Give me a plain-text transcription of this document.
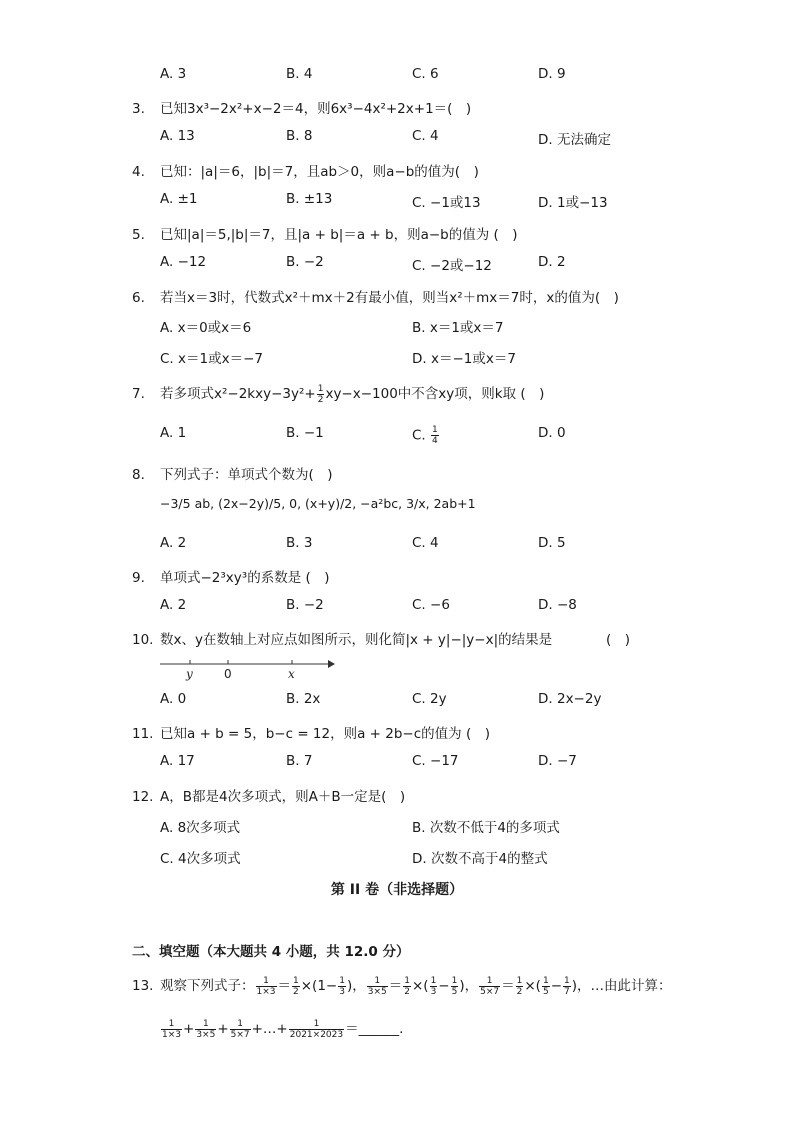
A. 3	B. 4	C. 6	D. 9
3. 已知3x³−2x²+x−2＝4，则6x³−4x²+2x+1＝(　)
A. 13	B. 8	C. 4	D. 无法确定
4. 已知：|a|＝6，|b|＝7，且ab＞0，则a−b的值为(　)
A. ±1	B. ±13	C. −1或13	D. 1或−13
5. 已知|a|＝5,|b|＝7，且|a + b|＝a + b，则a−b的值为 (　)
A. −12	B. −2	C. −2或−12	D. 2
6. 若当x＝3时，代数式x²＋mx＋2有最小值，则当x²＋mx＝7时，x的值为(　)
A. x＝0或x＝6	B. x＝1或x＝7
C. x＝1或x＝−7	D. x＝−1或x＝7
7. 若多项式$x^2-2kxy-3y^2+ \frac{1}{2} xy-x-100$中不含xy项，则k取 (　)
A. 1	B. −1	C. $\frac{1}{4}$	D. 0
8. 下列式子：单项式个数为(　)
−3/5 ab, (2x−2y)/5, 0, (x+y)/2, −a²bc, 3/x, 2ab+1
A. 2	B. 3	C. 4	D. 5
9. 单项式−2³xy³的系数是 (　)
A. 2	B. −2	C. −6	D. −8
10. 数x、y在数轴上对应点如图所示，则化简|x + y|−|y−x|的结果是	(　)
y	0	x
A. 0	B. 2x	C. 2y	D. 2x−2y
11. 已知a + b = 5，b−c = 12，则a + 2b−c的值为 (　)
A. 17	B. 7	C. −17	D. −7
12. A，B都是4次多项式，则A＋B一定是(　)
A. 8次多项式	B. 次数不低于4的多项式
C. 4次多项式	D. 次数不高于4的整式
第 II 卷（非选择题）
二、填空题（本大题共 4 小题，共 12.0 分）
13. 观察下列式子： $\frac{1}{1\times 3} = \frac{1}{2} \times(1- \frac{1}{3}$ )， $\frac{1}{3\times 5} = \frac{1}{2}$ ×( $\frac{1}{3} - \frac{1}{5}$ )， $\frac{1}{5\times 7} = \frac{1}{2}$ ×( $\frac{1}{5} - \frac{1}{7}$ )，…由此计算：
$\frac{1}{1\times 3} + \frac{1}{3\times 5} + \frac{1}{5\times 7}$ +…+ $\frac{1}{2021\times 2023}$ ＝______.
